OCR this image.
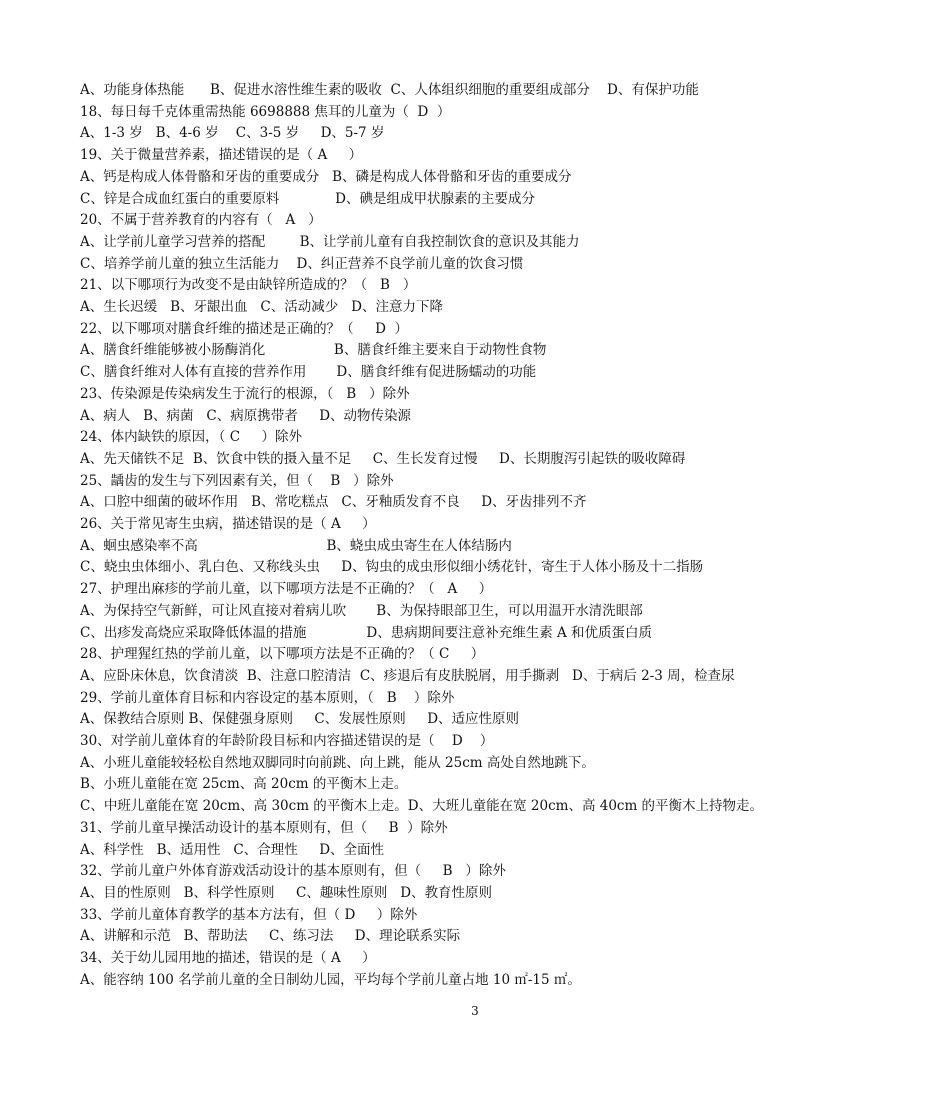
A、功能身体热能      B、促进水溶性维生素的吸收  C、人体组织细胞的重要组成部分    D、有保护功能
18、每日每千克体重需热能 6698888 焦耳的儿童为（  D  ）
A、1-3 岁   B、4-6 岁    C、3-5 岁     D、5-7 岁
19、关于微量营养素，描述错误的是（ A     ）
A、钙是构成人体骨骼和牙齿的重要成分   B、磷是构成人体骨骼和牙齿的重要成分
C、锌是合成血红蛋白的重要原料             D、碘是组成甲状腺素的主要成分
20、不属于营养教育的内容有（   A   ）
A、让学前儿童学习营养的搭配        B、让学前儿童有自我控制饮食的意识及其能力
C、培养学前儿童的独立生活能力    D、纠正营养不良学前儿童的饮食习惯
21、以下哪项行为改变不是由缺锌所造成的？（   B   ）
A、生长迟缓   B、牙龈出血   C、活动减少   D、注意力下降
22、以下哪项对膳食纤维的描述是正确的？（     D  ）
A、膳食纤维能够被小肠酶消化                B、膳食纤维主要来自于动物性食物
C、膳食纤维对人体有直接的营养作用       D、膳食纤维有促进肠蠕动的功能
23、传染源是传染病发生于流行的根源，（   B   ）除外
A、病人   B、病菌   C、病原携带者     D、动物传染源
24、体内缺铁的原因，（ C     ）除外
A、先天储铁不足  B、饮食中铁的摄入量不足     C、生长发育过慢     D、长期腹泻引起铁的吸收障碍
25、龋齿的发生与下列因素有关，但（    B   ）除外
A、口腔中细菌的破坏作用   B、常吃糕点   C、牙釉质发育不良     D、牙齿排列不齐
26、关于常见寄生虫病，描述错误的是（ A     ）
A、蛔虫感染率不高                              B、蛲虫成虫寄生在人体结肠内
C、蛲虫虫体细小、乳白色、又称线头虫     D、钩虫的成虫形似细小绣花针，寄生于人体小肠及十二指肠
27、护理出麻疹的学前儿童，以下哪项方法是不正确的？（   A     ）
A、为保持空气新鲜，可让风直接对着病儿吹       B、为保持眼部卫生，可以用温开水清洗眼部
C、出疹发高烧应采取降低体温的措施              D、患病期间要注意补充维生素 A 和优质蛋白质
28、护理猩红热的学前儿童，以下哪项方法是不正确的？（ C     ）
A、应卧床休息，饮食清淡  B、注意口腔清洁  C、疹退后有皮肤脱屑，用手撕剥   D、于病后 2-3 周，检查尿
29、学前儿童体育目标和内容设定的基本原则，（   B    ）除外
A、保教结合原则 B、保健强身原则     C、发展性原则     D、适应性原则
30、对学前儿童体育的年龄阶段目标和内容描述错误的是（    D    ）
A、小班儿童能较轻松自然地双脚同时向前跳、向上跳，能从 25cm 高处自然地跳下。
B、小班儿童能在宽 25cm、高 20cm 的平衡木上走。
C、中班儿童能在宽 20cm、高 30cm 的平衡木上走。D、大班儿童能在宽 20cm、高 40cm 的平衡木上持物走。
31、学前儿童早操活动设计的基本原则有，但（     B  ）除外
A、科学性   B、适用性   C、合理性     D、全面性
32、学前儿童户外体育游戏活动设计的基本原则有，但（     B   ）除外
A、目的性原则   B、科学性原则     C、趣味性原则   D、教育性原则
33、学前儿童体育教学的基本方法有，但（ D     ）除外
A、讲解和示范   B、帮助法     C、练习法     D、理论联系实际
34、关于幼儿园用地的描述，错误的是（ A     ）
A、能容纳 100 名学前儿童的全日制幼儿园，平均每个学前儿童占地 10 ㎡-15 ㎡。
3
